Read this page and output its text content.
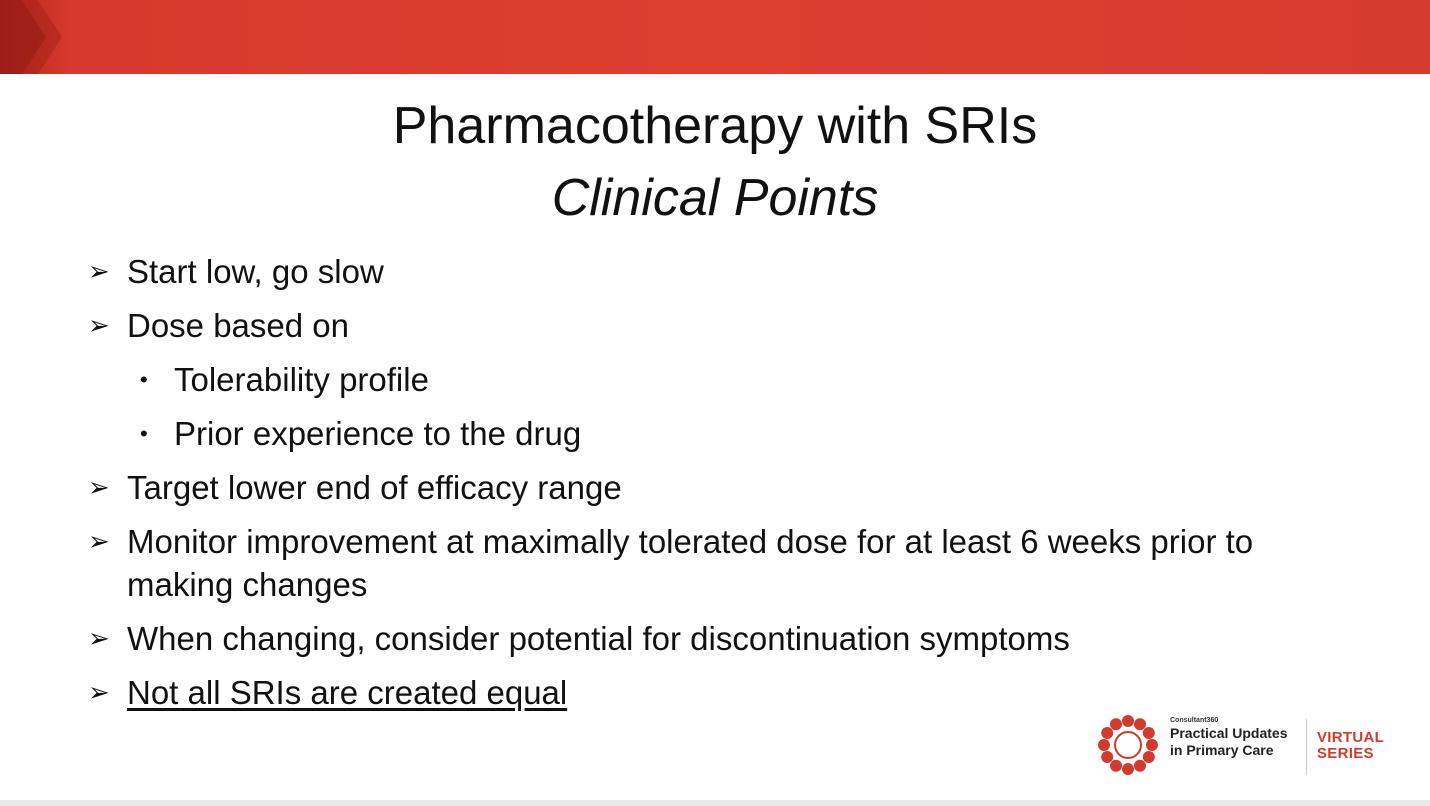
Pharmacotherapy with SRIs
Clinical Points
➢ Start low, go slow
➢ Dose based on
• Tolerability profile
• Prior experience to the drug
➢ Target lower end of efficacy range
➢ Monitor improvement at maximally tolerated dose for at least 6 weeks prior to making changes
➢ When changing, consider potential for discontinuation symptoms
➢ Not all SRIs are created equal
Consultant360
Practical Updates
in Primary Care
VIRTUAL
SERIES
